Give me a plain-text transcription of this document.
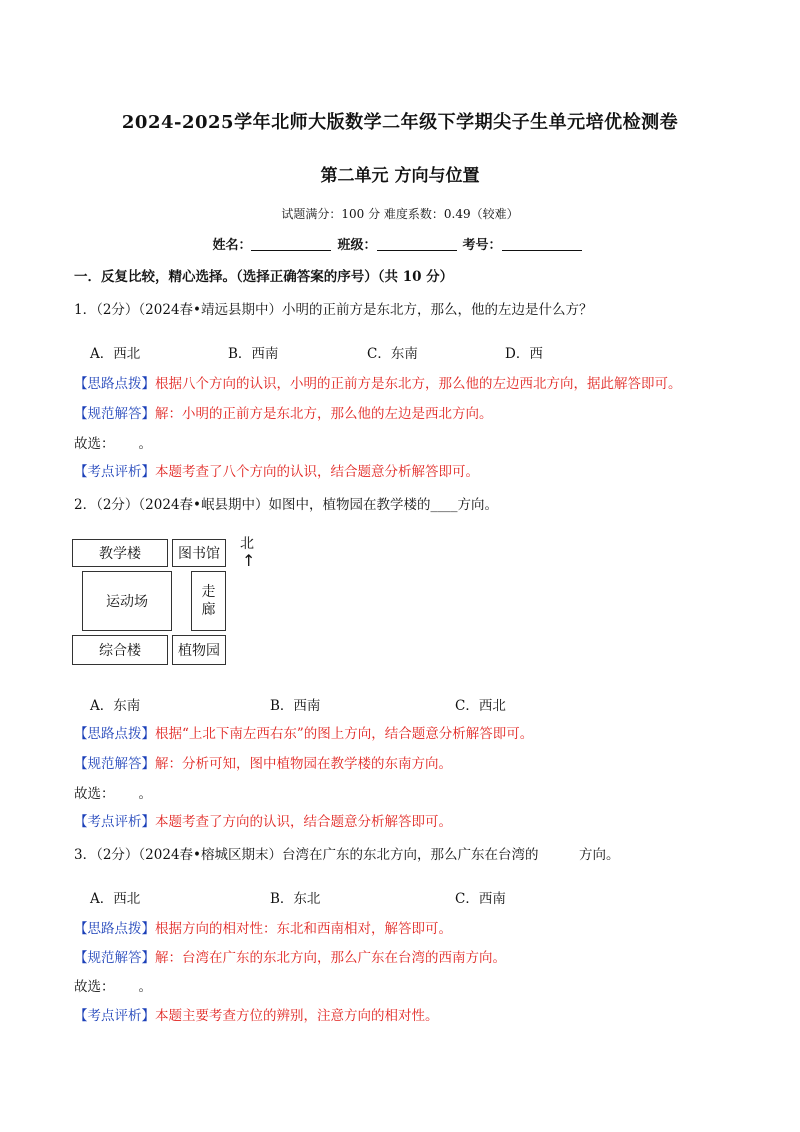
2024-2025学年北师大版数学二年级下学期尖子生单元培优检测卷
第二单元 方向与位置
试题满分：100 分 难度系数：0.49（较难）
姓名：	班级：	考号：
一．反复比较，精心选择。（选择正确答案的序号）（共 10 分）
1．（2分）（2024春•靖远县期中）小明的正前方是东北方，那么，他的左边是什么方？
A．西北	B．西南	C．东南	D．西
【思路点拨】根据八个方向的认识，小明的正前方是东北方，那么他的左边西北方向，据此解答即可。
【规范解答】解：小明的正前方是东北方，那么他的左边是西北方向。
故选： 。
【考点评析】本题考查了八个方向的认识，结合题意分析解答即可。
2．（2分）（2024春•岷县期中）如图中，植物园在教学楼的____方向。
教学楼	图书馆
运动场
走
廊
综合楼	植物园
北
↑
A．东南	B．西南	C．西北
【思路点拨】根据“上北下南左西右东”的图上方向，结合题意分析解答即可。
【规范解答】解：分析可知，图中植物园在教学楼的东南方向。
故选： 。
【考点评析】本题考查了方向的认识，结合题意分析解答即可。
3．（2分）（2024春•榕城区期末）台湾在广东的东北方向，那么广东在台湾的　　　方向。
A．西北	B．东北	C．西南
【思路点拨】根据方向的相对性：东北和西南相对，解答即可。
【规范解答】解：台湾在广东的东北方向，那么广东在台湾的西南方向。
故选： 。
【考点评析】本题主要考查方位的辨别，注意方向的相对性。
